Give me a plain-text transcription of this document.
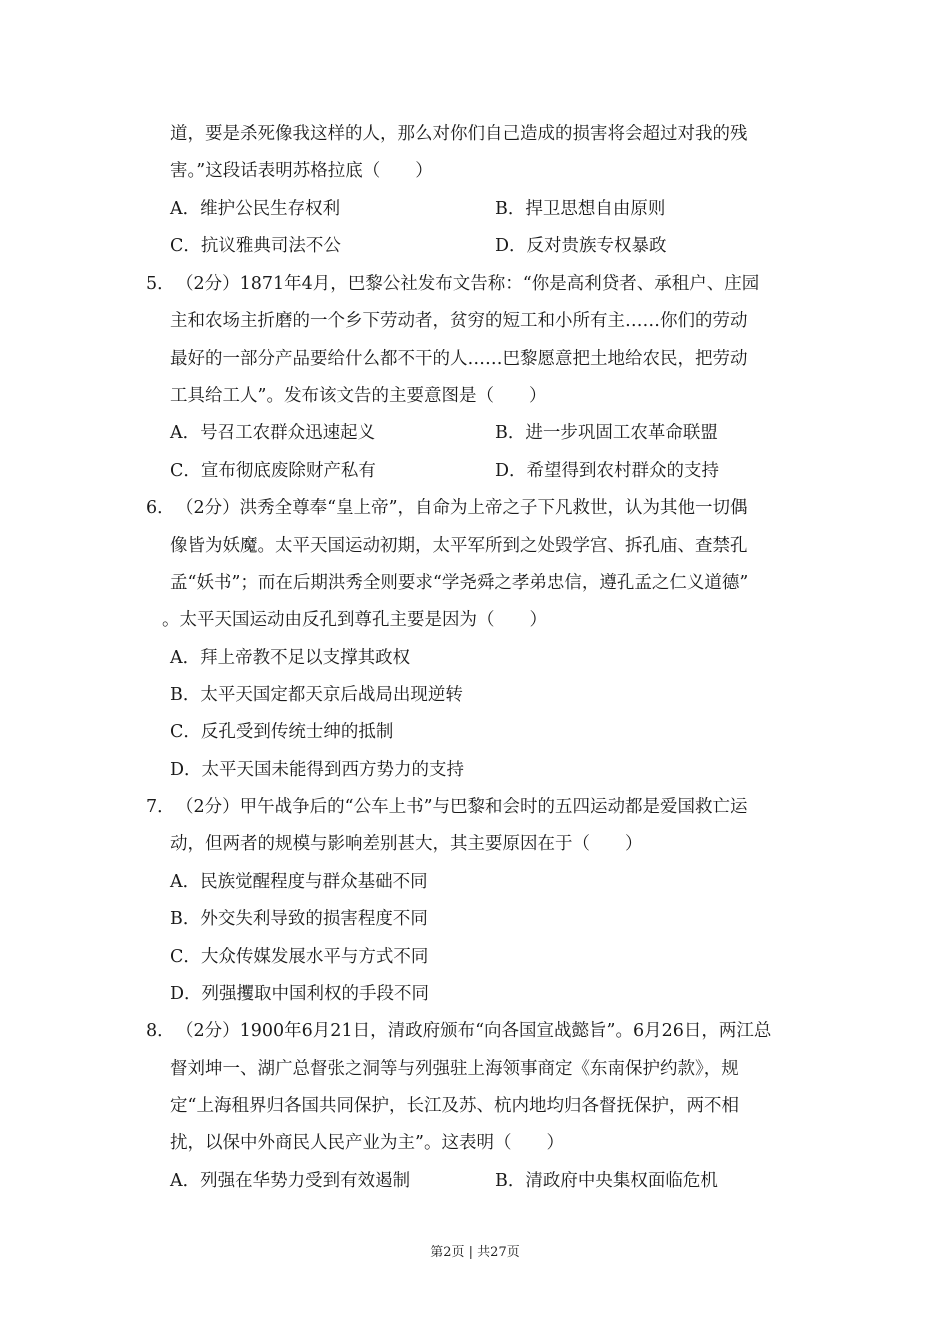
道，要是杀死像我这样的人，那么对你们自己造成的损害将会超过对我的残
害。”这段话表明苏格拉底（　　）
A．维护公民生存权利	B．捍卫思想自由原则
C．抗议雅典司法不公	D．反对贵族专权暴政
5． （2分）1871年4月，巴黎公社发布文告称：“你是高利贷者、承租户、庄园
主和农场主折磨的一个乡下劳动者，贫穷的短工和小所有主……你们的劳动
最好的一部分产品要给什么都不干的人……巴黎愿意把土地给农民，把劳动
工具给工人”。发布该文告的主要意图是（　　）
A．号召工农群众迅速起义	B．进一步巩固工农革命联盟
C．宣布彻底废除财产私有	D．希望得到农村群众的支持
6． （2分）洪秀全尊奉“皇上帝”，自命为上帝之子下凡救世，认为其他一切偶
像皆为妖魔。太平天国运动初期，太平军所到之处毁学宫、拆孔庙、查禁孔
孟“妖书”；而在后期洪秀全则要求“学尧舜之孝弟忠信，遵孔孟之仁义道德”
。太平天国运动由反孔到尊孔主要是因为（　　）
A．拜上帝教不足以支撑其政权
B．太平天国定都天京后战局出现逆转
C．反孔受到传统士绅的抵制
D．太平天国未能得到西方势力的支持
7． （2分）甲午战争后的“公车上书”与巴黎和会时的五四运动都是爱国救亡运
动，但两者的规模与影响差别甚大，其主要原因在于（　　）
A．民族觉醒程度与群众基础不同
B．外交失利导致的损害程度不同
C．大众传媒发展水平与方式不同
D．列强攫取中国利权的手段不同
8． （2分）1900年6月21日，清政府颁布“向各国宣战懿旨”。6月26日，两江总
督刘坤一、湖广总督张之洞等与列强驻上海领事商定《东南保护约款》，规
定“上海租界归各国共同保护，长江及苏、杭内地均归各督抚保护，两不相
扰，以保中外商民人民产业为主”。这表明（　　）
A．列强在华势力受到有效遏制	B．清政府中央集权面临危机
第2页 | 共27页
